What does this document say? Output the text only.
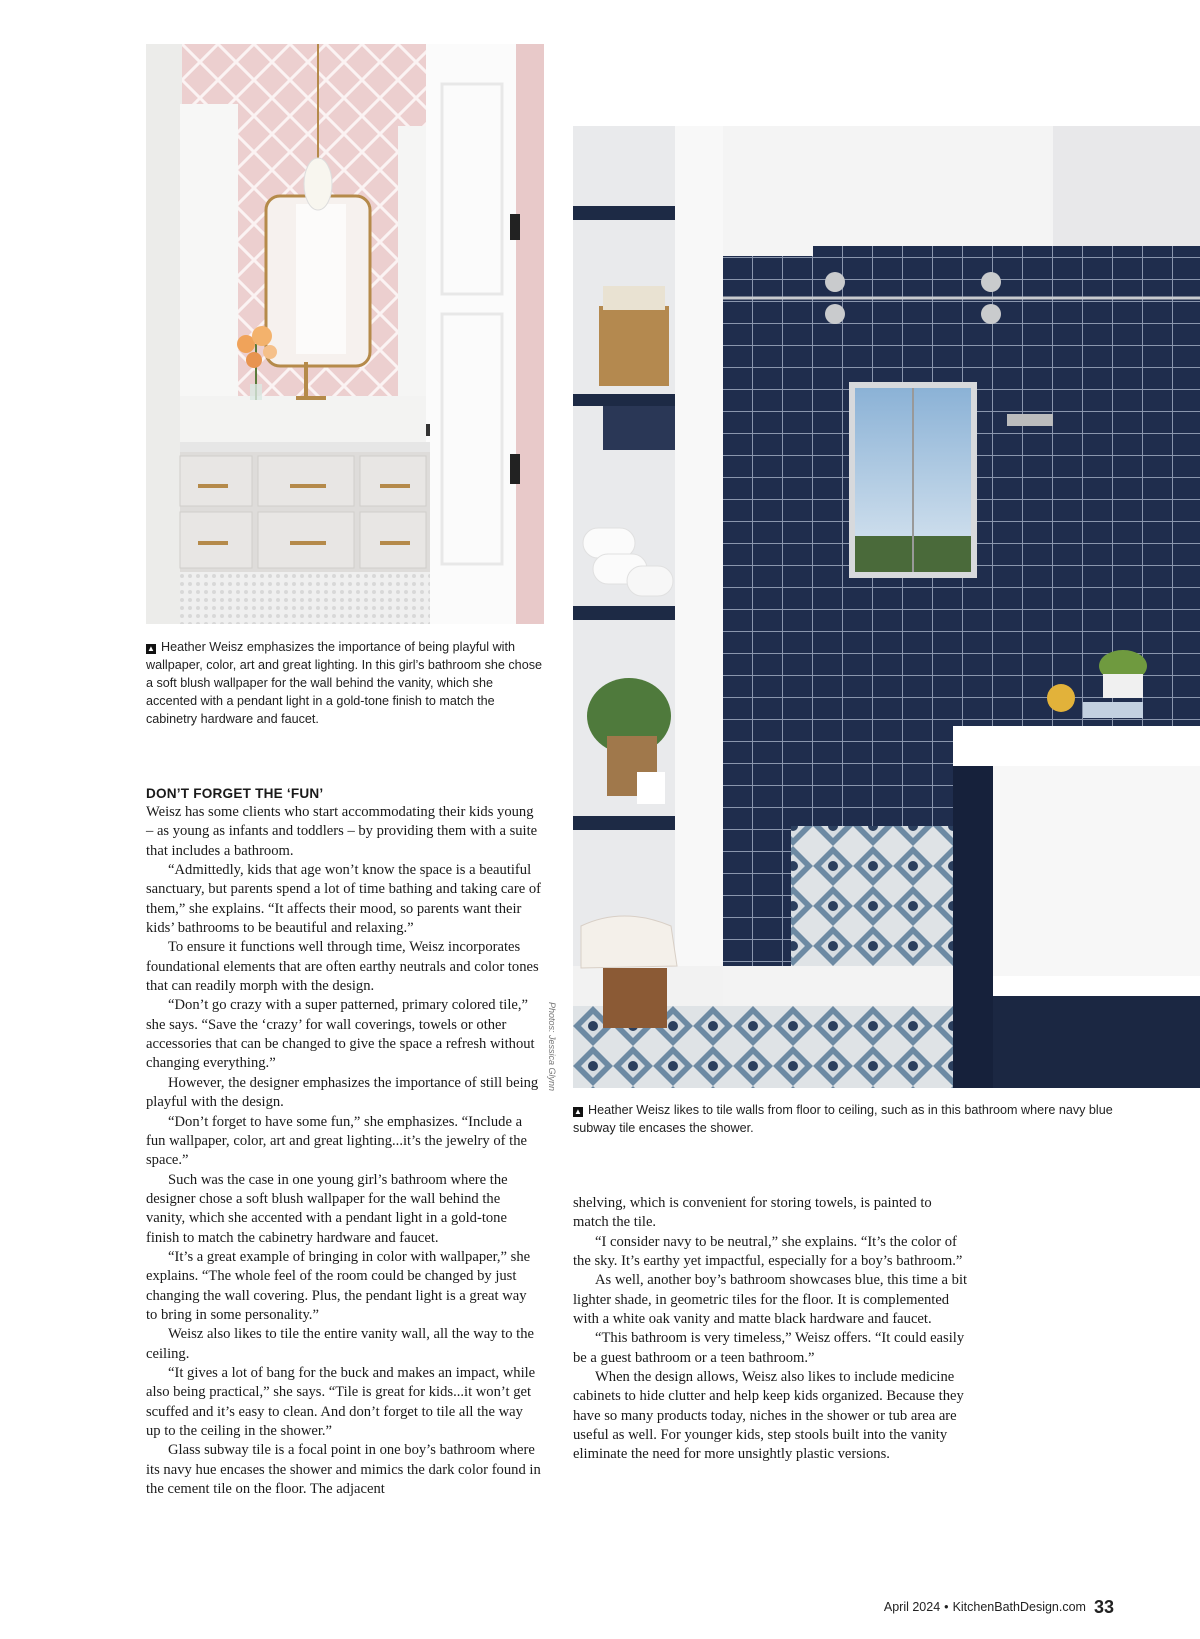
▲ Heather Weisz emphasizes the importance of being playful with wallpaper, color, art and great lighting. In this girl’s bathroom she chose a soft blush wallpaper for the wall behind the vanity, which she accented with a pendant light in a gold-tone finish to match the cabinetry hardware and faucet.
Photos: Jessica Glynn
▲ Heather Weisz likes to tile walls from floor to ceiling, such as in this bathroom where navy blue subway tile encases the shower.
DON’T FORGET THE ‘FUN’

Weisz has some clients who start accommodating their kids young – as young as infants and toddlers – by providing them with a suite that includes a bathroom.

“Admittedly, kids that age won’t know the space is a beautiful sanctuary, but parents spend a lot of time bathing and taking care of them,” she explains. “It affects their mood, so parents want their kids’ bathrooms to be beautiful and relaxing.”

To ensure it functions well through time, Weisz incorporates foundational elements that are often earthy neutrals and color tones that can readily morph with the design.

“Don’t go crazy with a super patterned, primary colored tile,” she says. “Save the ‘crazy’ for wall coverings, towels or other accessories that can be changed to give the space a refresh without changing everything.”

However, the designer emphasizes the importance of still being playful with the design.

“Don’t forget to have some fun,” she emphasizes. “Include a fun wallpaper, color, art and great lighting...it’s the jewelry of the space.”

Such was the case in one young girl’s bathroom where the designer chose a soft blush wallpaper for the wall behind the vanity, which she accented with a pendant light in a gold-tone finish to match the cabinetry hardware and faucet.

“It’s a great example of bringing in color with wallpaper,” she explains. “The whole feel of the room could be changed by just changing the wall covering. Plus, the pendant light is a great way to bring in some personality.”

Weisz also likes to tile the entire vanity wall, all the way to the ceiling.

“It gives a lot of bang for the buck and makes an impact, while also being practical,” she says. “Tile is great for kids...it won’t get scuffed and it’s easy to clean. And don’t forget to tile all the way up to the ceiling in the shower.”

Glass subway tile is a focal point in one boy’s bathroom where its navy hue encases the shower and mimics the dark color found in the cement tile on the floor. The adjacent

shelving, which is convenient for storing towels, is painted to match the tile.

“I consider navy to be neutral,” she explains. “It’s the color of the sky. It’s earthy yet impactful, especially for a boy’s bathroom.”

As well, another boy’s bathroom showcases blue, this time a bit lighter shade, in geometric tiles for the floor. It is complemented with a white oak vanity and matte black hardware and faucet.

“This bathroom is very timeless,” Weisz offers. “It could easily be a guest bathroom or a teen bathroom.”

When the design allows, Weisz also likes to include medicine cabinets to hide clutter and help keep kids organized. Because they have so many products today, niches in the shower or tub area are useful as well. For younger kids, step stools built into the vanity eliminate the need for more unsightly plastic versions.

April 2024 • KitchenBathDesign.com 33
